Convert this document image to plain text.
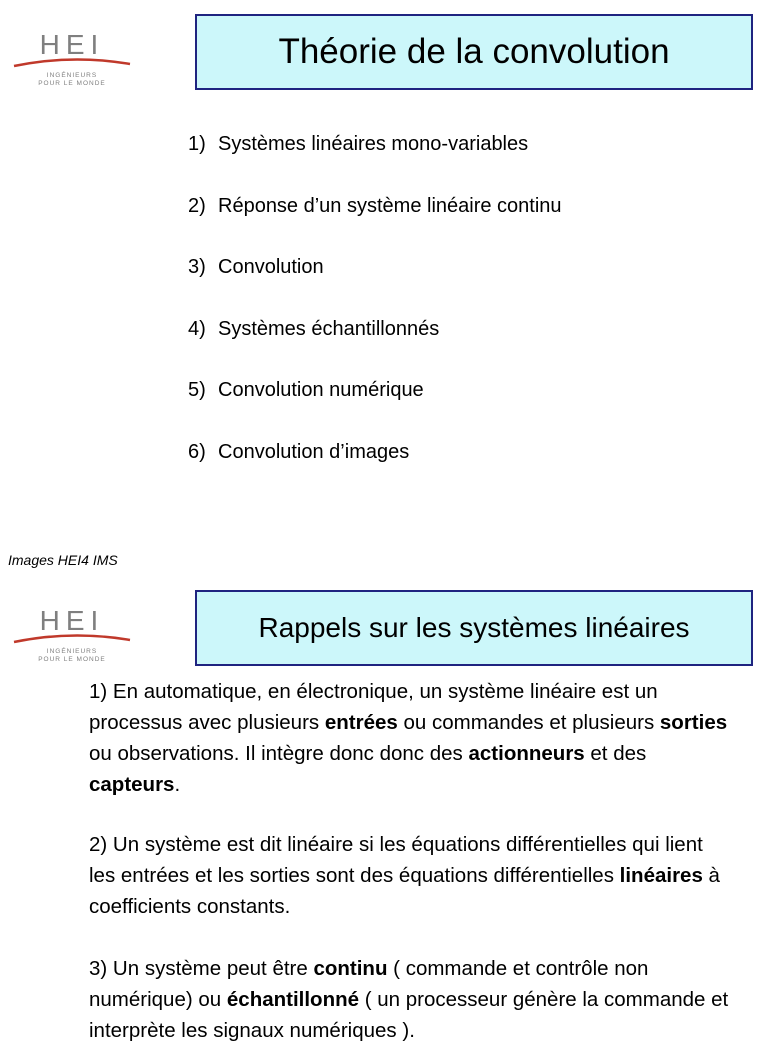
HEI
INGÉNIEURS
POUR LE MONDE
Théorie de la convolution
1) Systèmes linéaires mono-variables
2) Réponse d’un système linéaire continu
3) Convolution
4) Systèmes échantillonnés
5) Convolution numérique
6) Convolution d’images
Images HEI4 IMS
HEI
INGÉNIEURS
POUR LE MONDE
Rappels sur les systèmes linéaires

1) En automatique, en électronique, un système linéaire est un processus avec plusieurs entrées ou commandes et plusieurs sorties ou observations. Il intègre donc donc des actionneurs et des capteurs.

2) Un système est dit linéaire si les équations différentielles qui lient les entrées et les sorties sont des équations différentielles linéaires à coefficients constants.

3) Un système peut être continu ( commande et contrôle non numérique) ou échantillonné ( un processeur génère la commande et interprète les signaux numériques ).
